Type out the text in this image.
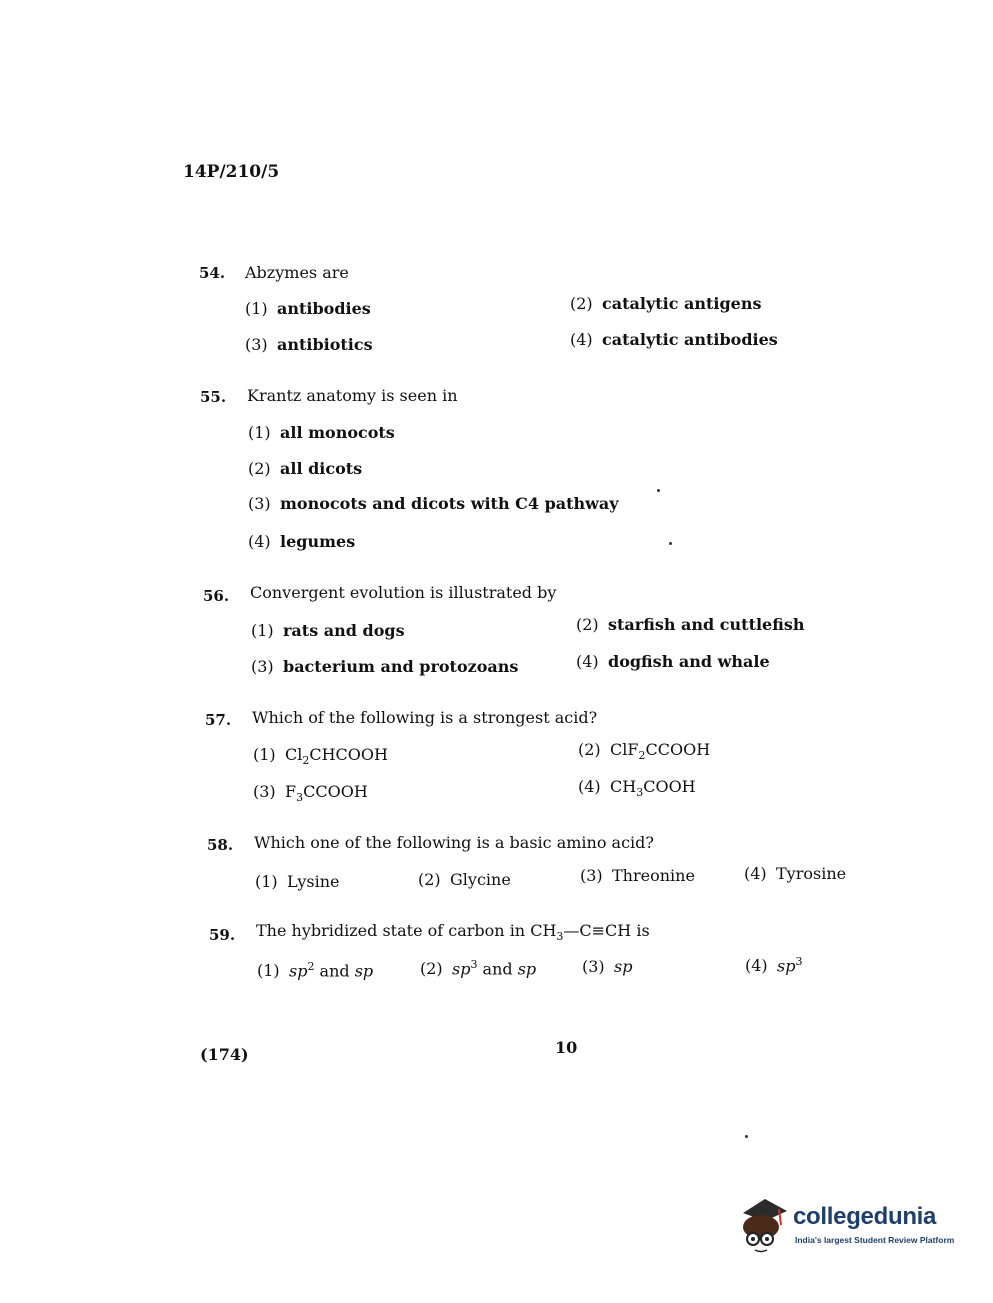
14P/210/5
54. Abzymes are
(1) antibodies	(2) catalytic antigens
(3) antibiotics	(4) catalytic antibodies
55. Krantz anatomy is seen in
(1) all monocots
(2) all dicots
(3) monocots and dicots with C4 pathway
(4) legumes
56. Convergent evolution is illustrated by
(1) rats and dogs	(2) starfish and cuttlefish
(3) bacterium and protozoans	(4) dogfish and whale
57. Which of the following is a strongest acid?
(1) $Cl_2CHCOOH$	(2) ClF$_2$CCOOH
(3) $F_3CCOOH$	(4) $CH_3COOH$
58. Which one of the following is a basic amino acid?
(1) Lysine	(2) Glycine	(3) Threonine	(4) Tyrosine
59. The hybridized state of carbon in $CH_3—C\equiv CH$ is
(1) $sp^2$ and sp	(2) $sp^3$ and sp	(3) sp	(4) $sp^3$
(174)	10
collegedunia
India's largest Student Review Platform
